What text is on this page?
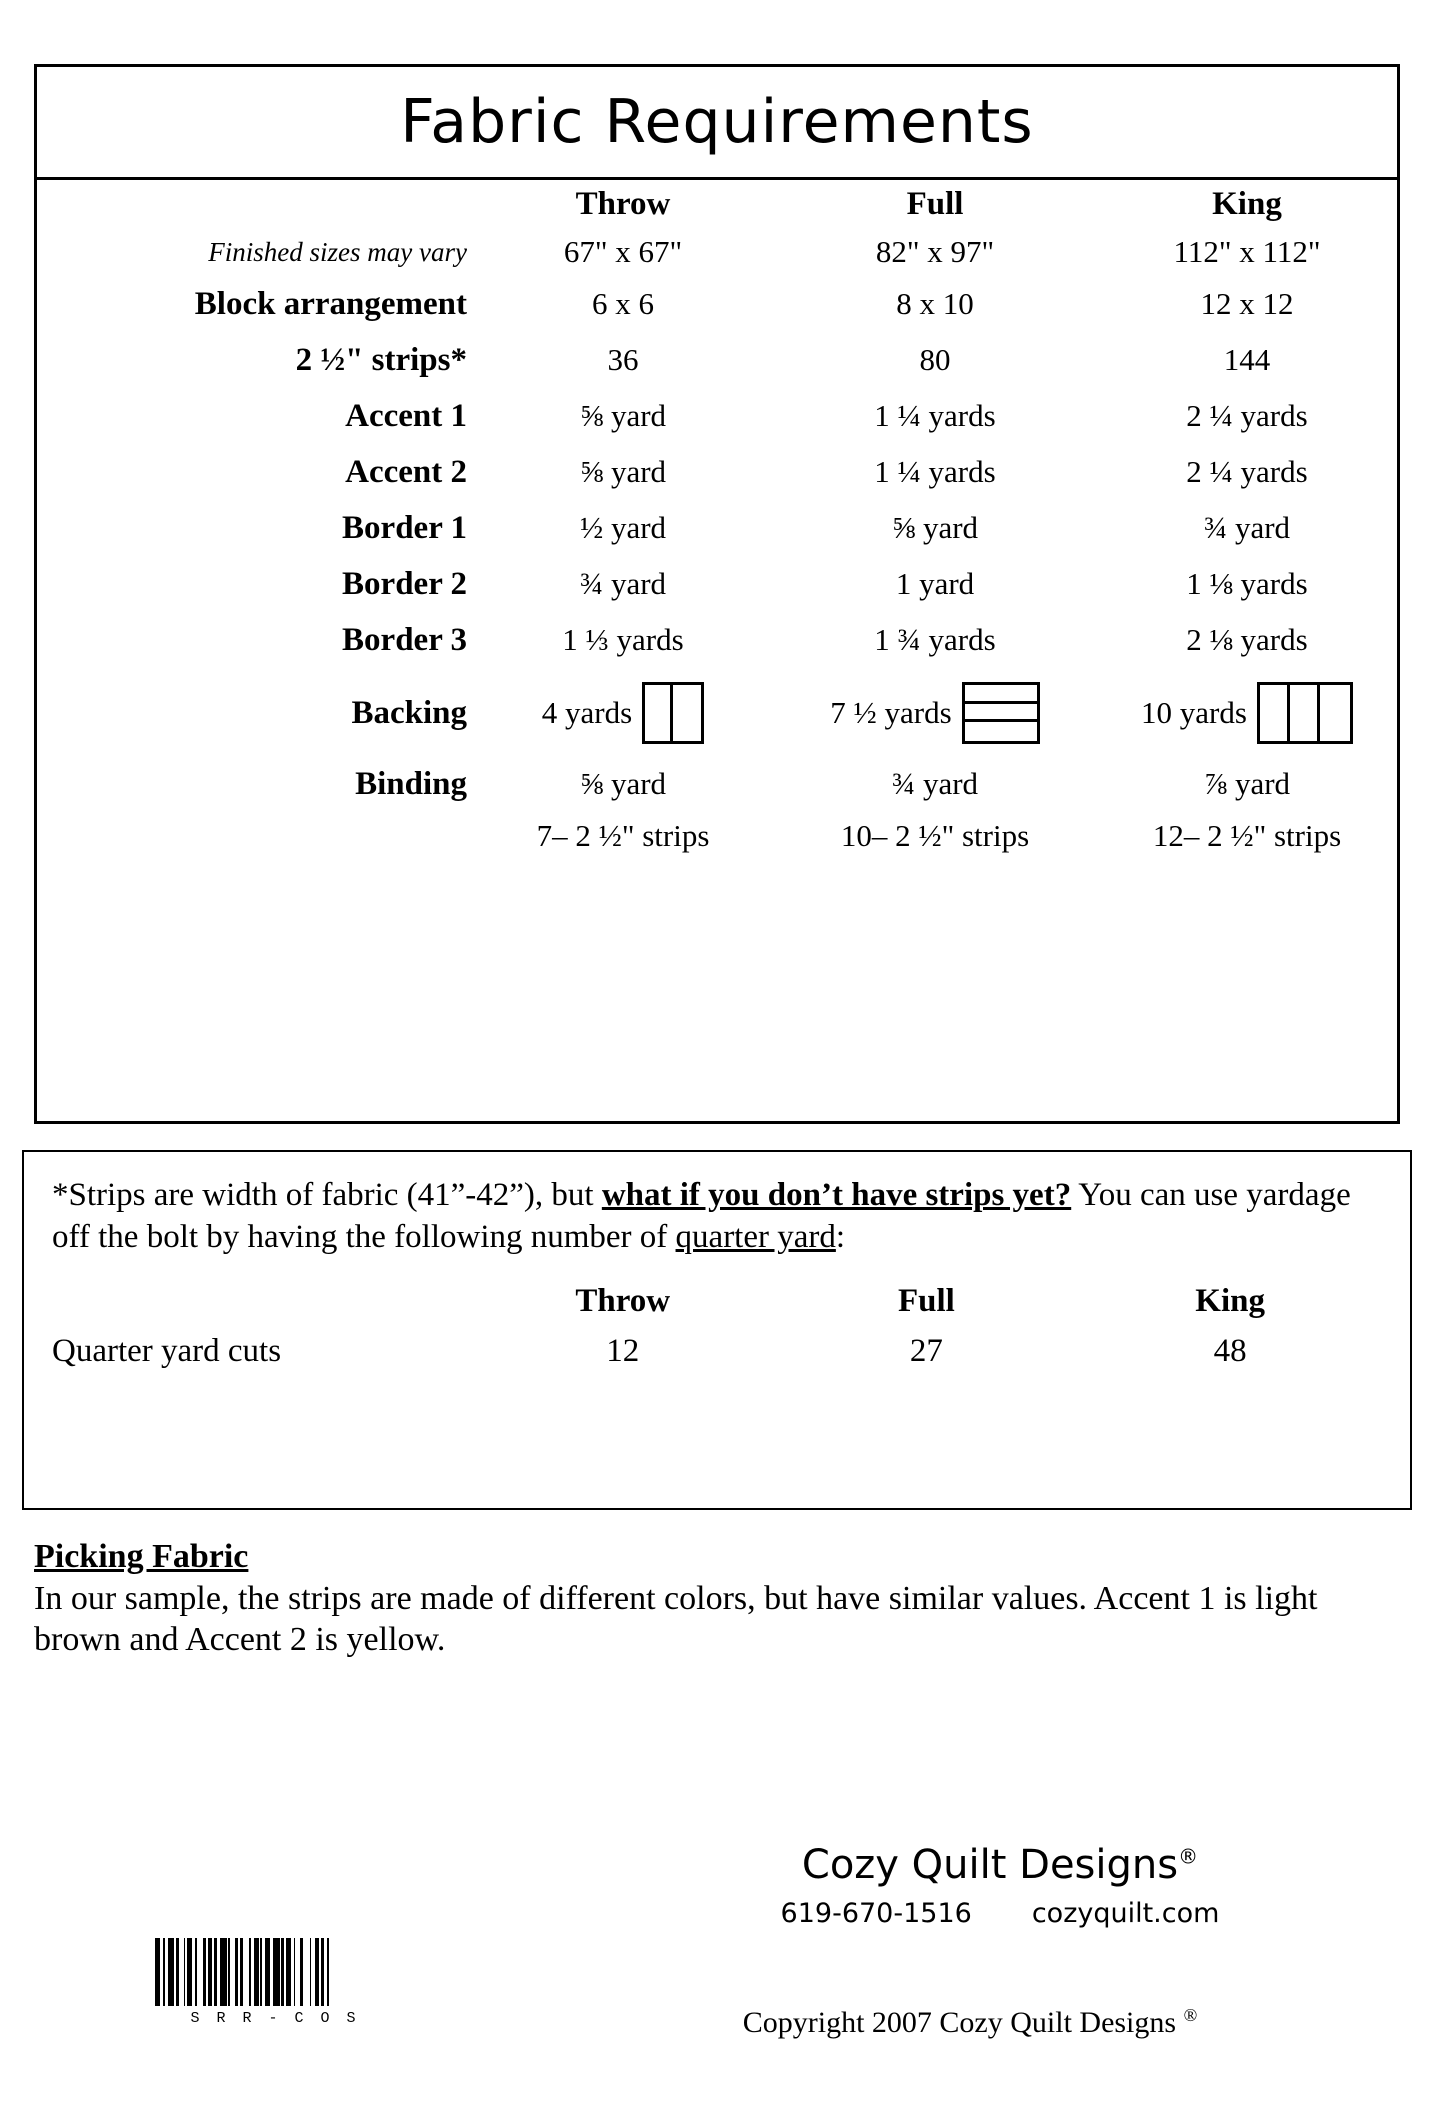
Fabric Requirements
	Throw	Full	King
Finished sizes may vary	67" x 67"	82" x 97"	112" x 112"
Block arrangement	6 x 6	8 x 10	12 x 12
2 ½" strips*	36	80	144
Accent 1	⅝ yard	1 ¼ yards	2 ¼ yards
Accent 2	⅝ yard	1 ¼ yards	2 ¼ yards
Border 1	½ yard	⅝ yard	¾ yard
Border 2	¾ yard	1 yard	1 ⅛ yards
Border 3	1 ⅓ yards	1 ¾ yards	2 ⅛ yards
Backing	4 yards	7 ½ yards	10 yards

Binding	⅝ yard	¾ yard	⅞ yard
	7– 2 ½" strips	10– 2 ½" strips	12– 2 ½" strips
*Strips are width of fabric (41”-42”), but what if you don’t have strips yet? You can use yardage off the bolt by having the following number of quarter yard:
	Throw	Full	King
Quarter yard cuts	12	27	48
Picking Fabric

In our sample, the strips are made of different colors, but have similar values. Accent 1 is light brown and Accent 2 is yellow.

Cozy Quilt Designs®
619-670-1516 cozyquilt.com
Copyright 2007 Cozy Quilt Designs ®
S R R - C O S
